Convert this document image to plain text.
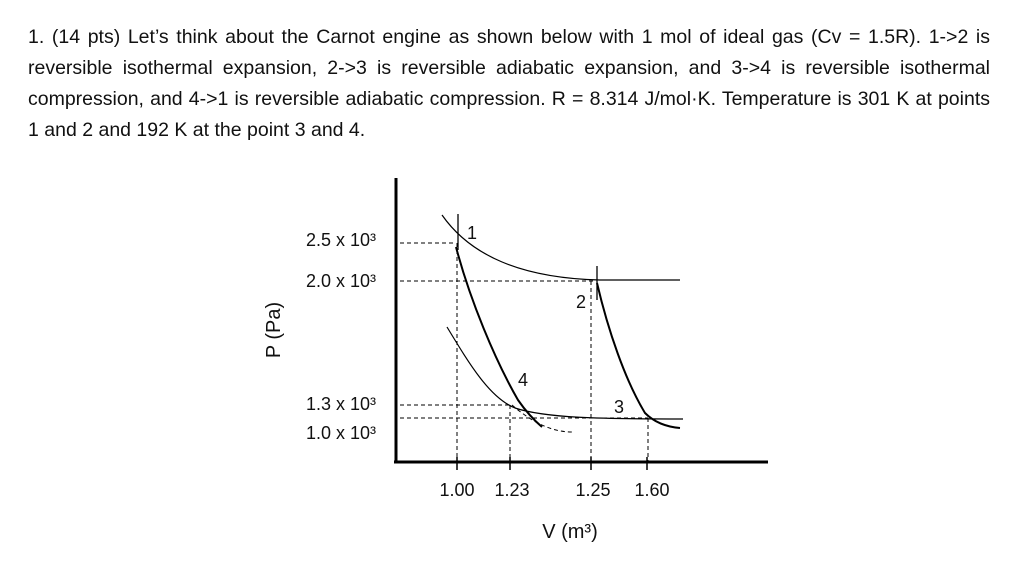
1. (14 pts) Let’s think about the Carnot engine as shown below with 1 mol of ideal gas (Cv = 1.5R). 1->2 is reversible isothermal expansion, 2->3 is reversible adiabatic expansion, and 3->4 is reversible isothermal compression, and 4->1 is reversible adiabatic compression. R = 8.314 J/mol·K. Temperature is 301 K at points 1 and 2 and 192 K at the point 3 and 4.

P (Pa)
V (m³)
2.5 x 10³
2.0 x 10³
1.3 x 10³
1.0 x 10³
1.00 1.23	1.25 1.60
1
2
3
4
